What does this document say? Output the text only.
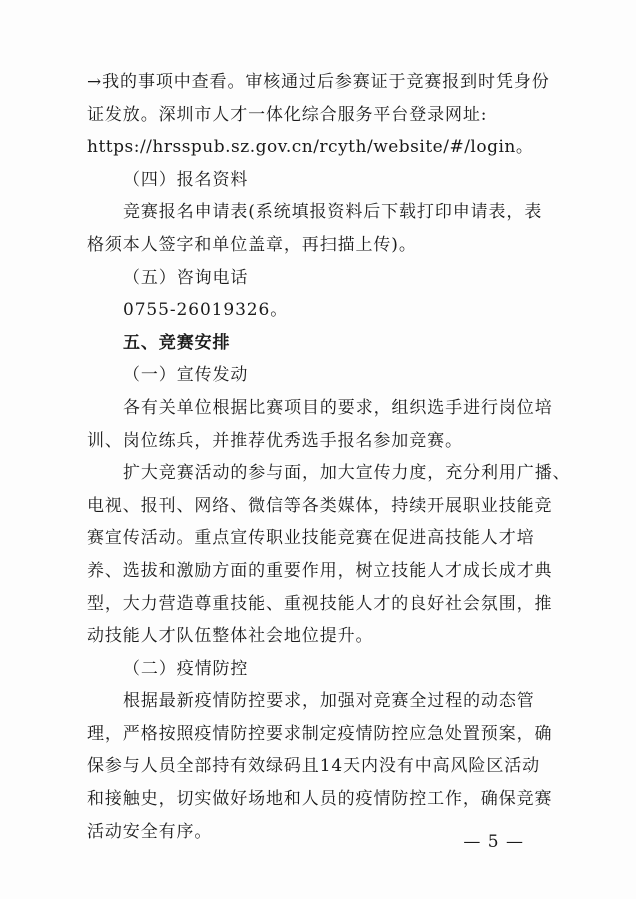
→我的事项中查看。审核通过后参赛证于竞赛报到时凭身份
证发放。深圳市人才一体化综合服务平台登录网址:
https://hrsspub.sz.gov.cn/rcyth/website/#/login。
（四）报名资料
竞赛报名申请表(系统填报资料后下载打印申请表，表
格须本人签字和单位盖章，再扫描上传)。
（五）咨询电话
0755-26019326。
五、竞赛安排
（一）宣传发动
各有关单位根据比赛项目的要求，组织选手进行岗位培
训、岗位练兵，并推荐优秀选手报名参加竞赛。
扩大竞赛活动的参与面，加大宣传力度，充分利用广播、
电视、报刊、网络、微信等各类媒体，持续开展职业技能竞
赛宣传活动。重点宣传职业技能竞赛在促进高技能人才培
养、选拔和激励方面的重要作用，树立技能人才成长成才典
型，大力营造尊重技能、重视技能人才的良好社会氛围，推
动技能人才队伍整体社会地位提升。
（二）疫情防控
根据最新疫情防控要求，加强对竞赛全过程的动态管
理，严格按照疫情防控要求制定疫情防控应急处置预案，确
保参与人员全部持有效绿码且14天内没有中高风险区活动
和接触史，切实做好场地和人员的疫情防控工作，确保竞赛
活动安全有序。
— 5 —
